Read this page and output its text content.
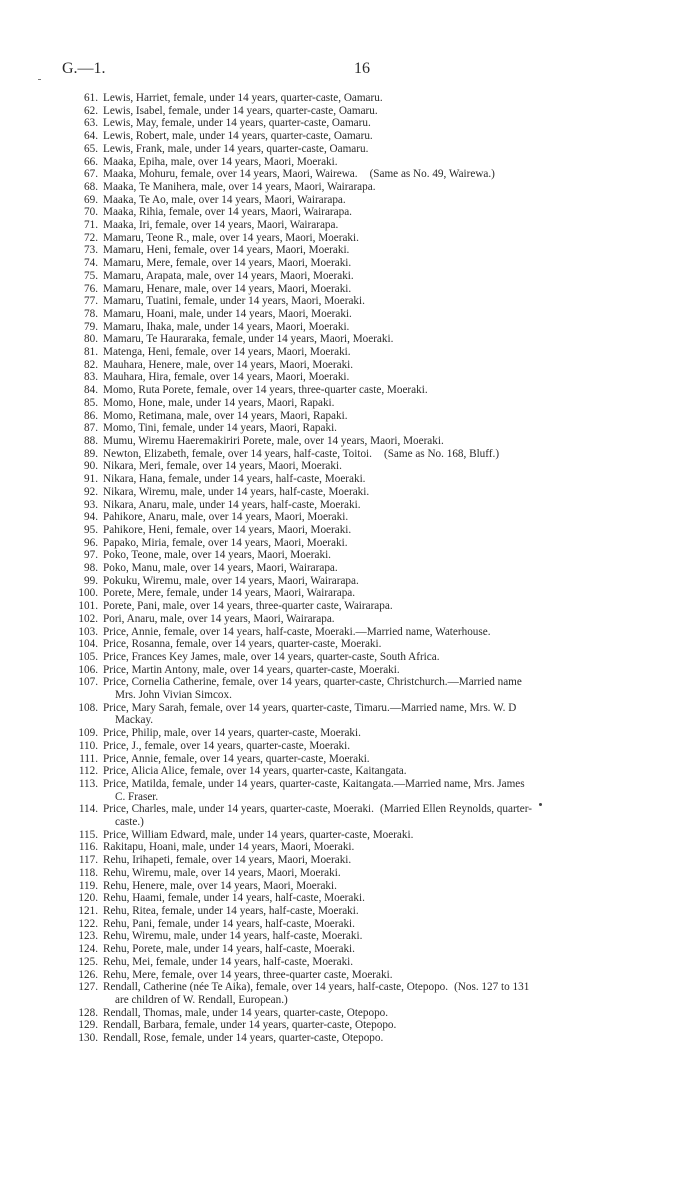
G.—1.	16
61. Lewis, Harriet, female, under 14 years, quarter-caste, Oamaru.
62. Lewis, Isabel, female, under 14 years, quarter-caste, Oamaru.
63. Lewis, May, female, under 14 years, quarter-caste, Oamaru.
64. Lewis, Robert, male, under 14 years, quarter-caste, Oamaru.
65. Lewis, Frank, male, under 14 years, quarter-caste, Oamaru.
66. Maaka, Epiha, male, over 14 years, Maori, Moeraki.
67. Maaka, Mohuru, female, over 14 years, Maori, Wairewa. (Same as No. 49, Wairewa.)
68. Maaka, Te Manihera, male, over 14 years, Maori, Wairarapa.
69. Maaka, Te Ao, male, over 14 years, Maori, Wairarapa.
70. Maaka, Rihia, female, over 14 years, Maori, Wairarapa.
71. Maaka, Iri, female, over 14 years, Maori, Wairarapa.
72. Mamaru, Teone R., male, over 14 years, Maori, Moeraki.
73. Mamaru, Heni, female, over 14 years, Maori, Moeraki.
74. Mamaru, Mere, female, over 14 years, Maori, Moeraki.
75. Mamaru, Arapata, male, over 14 years, Maori, Moeraki.
76. Mamaru, Henare, male, over 14 years, Maori, Moeraki.
77. Mamaru, Tuatini, female, under 14 years, Maori, Moeraki.
78. Mamaru, Hoani, male, under 14 years, Maori, Moeraki.
79. Mamaru, Ihaka, male, under 14 years, Maori, Moeraki.
80. Mamaru, Te Hauraraka, female, under 14 years, Maori, Moeraki.
81. Matenga, Heni, female, over 14 years, Maori, Moeraki.
82. Mauhara, Henere, male, over 14 years, Maori, Moeraki.
83. Mauhara, Hira, female, over 14 years, Maori, Moeraki.
84. Momo, Ruta Porete, female, over 14 years, three-quarter caste, Moeraki.
85. Momo, Hone, male, under 14 years, Maori, Rapaki.
86. Momo, Retimana, male, over 14 years, Maori, Rapaki.
87. Momo, Tini, female, under 14 years, Maori, Rapaki.
88. Mumu, Wiremu Haeremakiriri Porete, male, over 14 years, Maori, Moeraki.
89. Newton, Elizabeth, female, over 14 years, half-caste, Toitoi. (Same as No. 168, Bluff.)
90. Nikara, Meri, female, over 14 years, Maori, Moeraki.
91. Nikara, Hana, female, under 14 years, half-caste, Moeraki.
92. Nikara, Wiremu, male, under 14 years, half-caste, Moeraki.
93. Nikara, Anaru, male, under 14 years, half-caste, Moeraki.
94. Pahikore, Anaru, male, over 14 years, Maori, Moeraki.
95. Pahikore, Heni, female, over 14 years, Maori, Moeraki.
96. Papako, Miria, female, over 14 years, Maori, Moeraki.
97. Poko, Teone, male, over 14 years, Maori, Moeraki.
98. Poko, Manu, male, over 14 years, Maori, Wairarapa.
99. Pokuku, Wiremu, male, over 14 years, Maori, Wairarapa.
100. Porete, Mere, female, under 14 years, Maori, Wairarapa.
101. Porete, Pani, male, over 14 years, three-quarter caste, Wairarapa.
102. Pori, Anaru, male, over 14 years, Maori, Wairarapa.
103. Price, Annie, female, over 14 years, half-caste, Moeraki.—Married name, Waterhouse.
104. Price, Rosanna, female, over 14 years, quarter-caste, Moeraki.
105. Price, Frances Key James, male, over 14 years, quarter-caste, South Africa.
106. Price, Martin Antony, male, over 14 years, quarter-caste, Moeraki.
107. Price, Cornelia Catherine, female, over 14 years, quarter-caste, Christchurch.—Married name
Mrs. John Vivian Simcox.
108. Price, Mary Sarah, female, over 14 years, quarter-caste, Timaru.—Married name, Mrs. W. D
Mackay.
109. Price, Philip, male, over 14 years, quarter-caste, Moeraki.
110. Price, J., female, over 14 years, quarter-caste, Moeraki.
111. Price, Annie, female, over 14 years, quarter-caste, Moeraki.
112. Price, Alicia Alice, female, over 14 years, quarter-caste, Kaitangata.
113. Price, Matilda, female, under 14 years, quarter-caste, Kaitangata.—Married name, Mrs. James
C. Fraser.
114. Price, Charles, male, under 14 years, quarter-caste, Moeraki. (Married Ellen Reynolds, quarter-
caste.)
115. Price, William Edward, male, under 14 years, quarter-caste, Moeraki.
116. Rakitapu, Hoani, male, under 14 years, Maori, Moeraki.
117. Rehu, Irihapeti, female, over 14 years, Maori, Moeraki.
118. Rehu, Wiremu, male, over 14 years, Maori, Moeraki.
119. Rehu, Henere, male, over 14 years, Maori, Moeraki.
120. Rehu, Haami, female, under 14 years, half-caste, Moeraki.
121. Rehu, Ritea, female, under 14 years, half-caste, Moeraki.
122. Rehu, Pani, female, under 14 years, half-caste, Moeraki.
123. Rehu, Wiremu, male, under 14 years, half-caste, Moeraki.
124. Rehu, Porete, male, under 14 years, half-caste, Moeraki.
125. Rehu, Mei, female, under 14 years, half-caste, Moeraki.
126. Rehu, Mere, female, over 14 years, three-quarter caste, Moeraki.
127. Rendall, Catherine (née Te Aika), female, over 14 years, half-caste, Otepopo. (Nos. 127 to 131
are children of W. Rendall, European.)
128. Rendall, Thomas, male, under 14 years, quarter-caste, Otepopo.
129. Rendall, Barbara, female, under 14 years, quarter-caste, Otepopo.
130. Rendall, Rose, female, under 14 years, quarter-caste, Otepopo.
